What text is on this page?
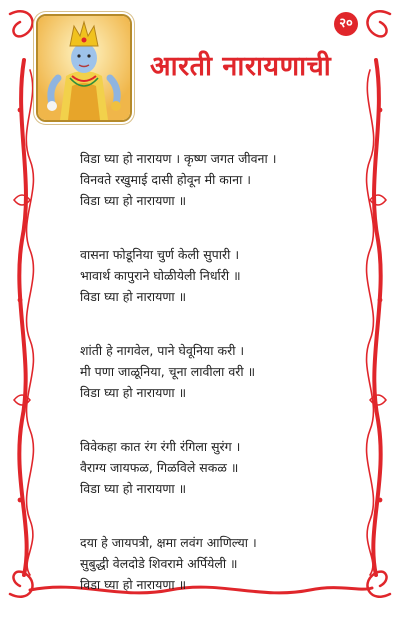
२०
आरती नारायणाची
विडा घ्या हो नारायण । कृष्ण जगत जीवना ।
विनवते रखुमाई दासी होवून मी काना ।
विडा घ्या हो नारायणा ॥
वासना फोडूनिया चुर्ण केली सुपारी ।
भावार्थ कापुराने घोळीयेली निर्धारी ॥
विडा घ्या हो नारायणा ॥
शांती हे नागवेल, पाने घेवूनिया करी ।
मी पणा जाळूनिया, चूना लावीला वरी ॥
विडा घ्या हो नारायणा ॥
विवेकहा कात रंग रंगी रंगिला सुरंग ।
वैराग्य जायफळ, गिळविले सकळ ॥
विडा घ्या हो नारायणा ॥
दया हे जायपत्री, क्षमा लवंग आणिल्या ।
सुबुद्धी वेलदोडे शिवरामे अर्पियेली ॥
विडा घ्या हो नारायणा ॥
